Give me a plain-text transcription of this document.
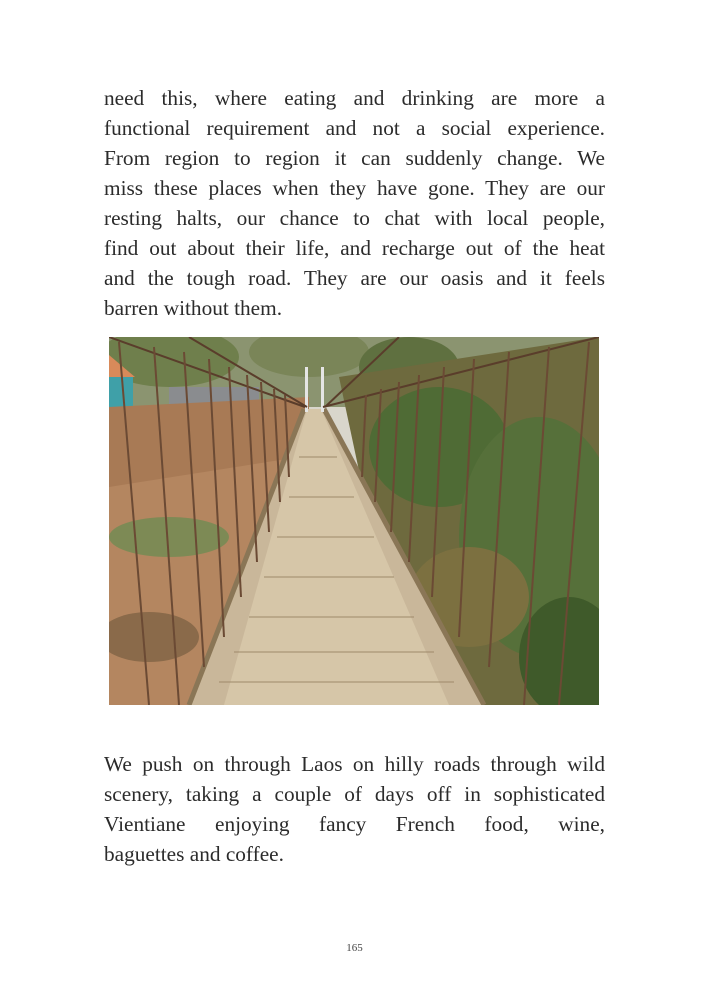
need this, where eating and drinking are more a
functional requirement and not a social experience.
From region to region it can suddenly change. We
miss these places when they have gone. They are our
resting halts, our chance to chat with local people,
find out about their life, and recharge out of the heat
and the tough road. They are our oasis and it feels
barren without them.
We push on through Laos on hilly roads through wild
scenery, taking a couple of days off in sophisticated
Vientiane enjoying fancy French food, wine,
baguettes and coffee.
165
